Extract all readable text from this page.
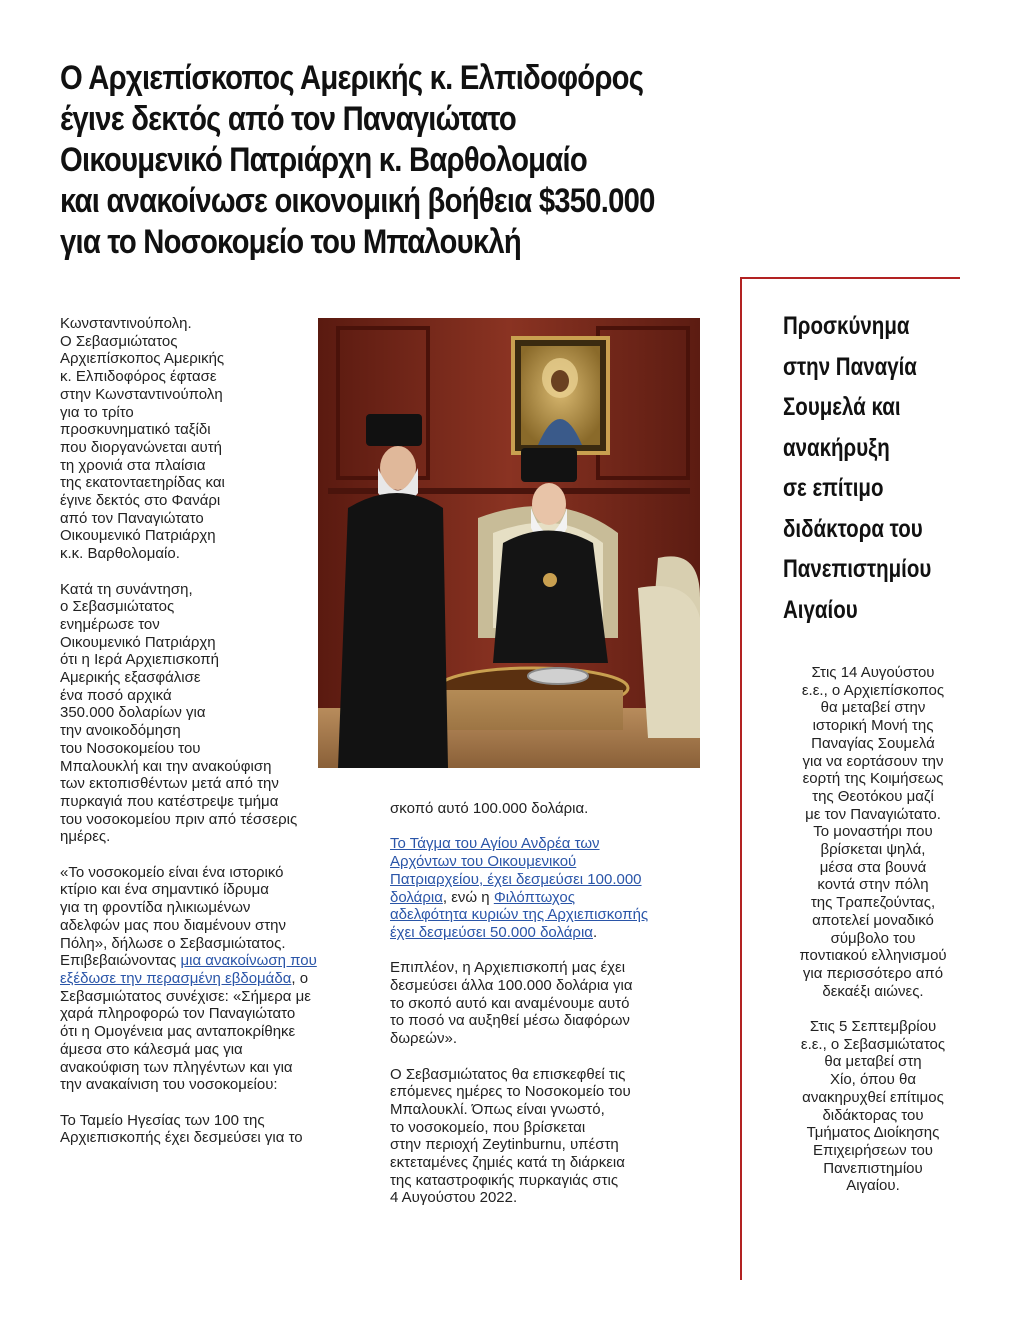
Ο Αρχιεπίσκοπος Αμερικής κ. Ελπιδοφόρος
έγινε δεκτός από τον Παναγιώτατο
Οικουμενικό Πατριάρχη κ. Βαρθολομαίο
και ανακοίνωσε οικονομική βοήθεια $350.000
για το Νοσοκομείο του Μπαλουκλή

Κωνσταντινούπολη.
Ο Σεβασμιώτατος
Αρχιεπίσκοπος Αμερικής
κ. Ελπιδοφόρος έφτασε
στην Κωνσταντινούπολη
για το τρίτο
προσκυνηματικό ταξίδι
που διοργανώνεται αυτή
τη χρονιά στα πλαίσια
της εκατονταετηρίδας και
έγινε δεκτός στο Φανάρι
από τον Παναγιώτατο
Οικουμενικό Πατριάρχη
κ.κ. Βαρθολομαίο.

Κατά τη συνάντηση,
ο Σεβασμιώτατος
ενημέρωσε τον
Οικουμενικό Πατριάρχη
ότι η Ιερά Αρχιεπισκοπή
Αμερικής εξασφάλισε
ένα ποσό αρχικά
350.000 δολαρίων για
την ανοικοδόμηση
του Νοσοκομείου του
Μπαλουκλή και την ανακούφιση
των εκτοπισθέντων μετά από την
πυρκαγιά που κατέστρεψε τμήμα
του νοσοκομείου πριν από τέσσερις
ημέρες.

«Το νοσοκομείο είναι ένα ιστορικό
κτίριο και ένα σημαντικό ίδρυμα
για τη φροντίδα ηλικιωμένων
αδελφών μας που διαμένουν στην
Πόλη», δήλωσε ο Σεβασμιώτατος.
Επιβεβαιώνοντας μια ανακοίνωση που
εξέδωσε την περασμένη εβδομάδα, ο
Σεβασμιώτατος συνέχισε: «Σήμερα με
χαρά πληροφορώ τον Παναγιώτατο
ότι η Ομογένεια μας ανταποκρίθηκε
άμεσα στο κάλεσμά μας για
ανακούφιση των πληγέντων και για
την ανακαίνιση του νοσοκομείου:

Το Ταμείο Ηγεσίας των 100 της
Αρχιεπισκοπής έχει δεσμεύσει για το

σκοπό αυτό 100.000 δολάρια.

Το Τάγμα του Αγίου Ανδρέα των
Αρχόντων του Οικουμενικού
Πατριαρχείου, έχει δεσμεύσει 100.000
δολάρια, ενώ η Φιλόπτωχος
αδελφότητα κυριών της Αρχιεπισκοπής
έχει δεσμεύσει 50.000 δολάρια.

Επιπλέον, η Αρχιεπισκοπή μας έχει
δεσμεύσει άλλα 100.000 δολάρια για
το σκοπό αυτό και αναμένουμε αυτό
το ποσό να αυξηθεί μέσω διαφόρων
δωρεών».

Ο Σεβασμιώτατος θα επισκεφθεί τις
επόμενες ημέρες το Νοσοκομείο του
Μπαλουκλί. Όπως είναι γνωστό,
το νοσοκομείο, που βρίσκεται
στην περιοχή Zeytinburnu, υπέστη
εκτεταμένες ζημιές κατά τη διάρκεια
της καταστροφικής πυρκαγιάς στις
4 Αυγούστου 2022.

Προσκύνημα
στην Παναγία
Σουμελά και
ανακήρυξη
σε επίτιμο
διδάκτορα του
Πανεπιστημίου
Αιγαίου

Στις 14 Αυγούστου
ε.ε., ο Αρχιεπίσκοπος
θα μεταβεί στην
ιστορική Μονή της
Παναγίας Σουμελά
για να εορτάσουν την
εορτή της Κοιμήσεως
της Θεοτόκου μαζί
με τον Παναγιώτατο.
Το μοναστήρι που
βρίσκεται ψηλά,
μέσα στα βουνά
κοντά στην πόλη
της Τραπεζούντας,
αποτελεί μοναδικό
σύμβολο του
ποντιακού ελληνισμού
για περισσότερο από
δεκαέξι αιώνες.

Στις 5 Σεπτεμβρίου
ε.ε., ο Σεβασμιώτατος
θα μεταβεί στη
Χίο, όπου θα
ανακηρυχθεί επίτιμος
διδάκτορας του
Τμήματος Διοίκησης
Επιχειρήσεων του
Πανεπιστημίου
Αιγαίου.
